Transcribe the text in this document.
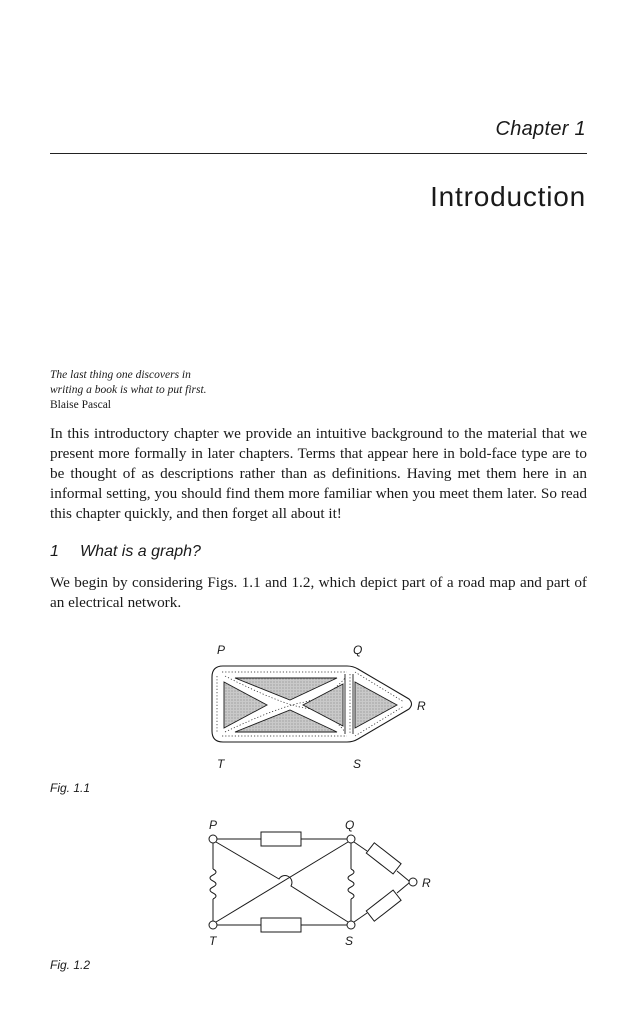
Chapter 1
Introduction
The last thing one discovers in
writing a book is what to put first.
Blaise Pascal

In this introductory chapter we provide an intuitive background to the material that we present more formally in later chapters. Terms that appear here in bold-face type are to be thought of as descriptions rather than as definitions. Having met them here in an informal setting, you should find them more familiar when you meet them later. So read this chapter quickly, and then forget all about it!

1 What is a graph?

We begin by considering Figs. 1.1 and 1.2, which depict part of a road map and part of an electrical network.

P	Q
R
T	S
P	Q
R
T	S
Fig. 1.1
Fig. 1.2
